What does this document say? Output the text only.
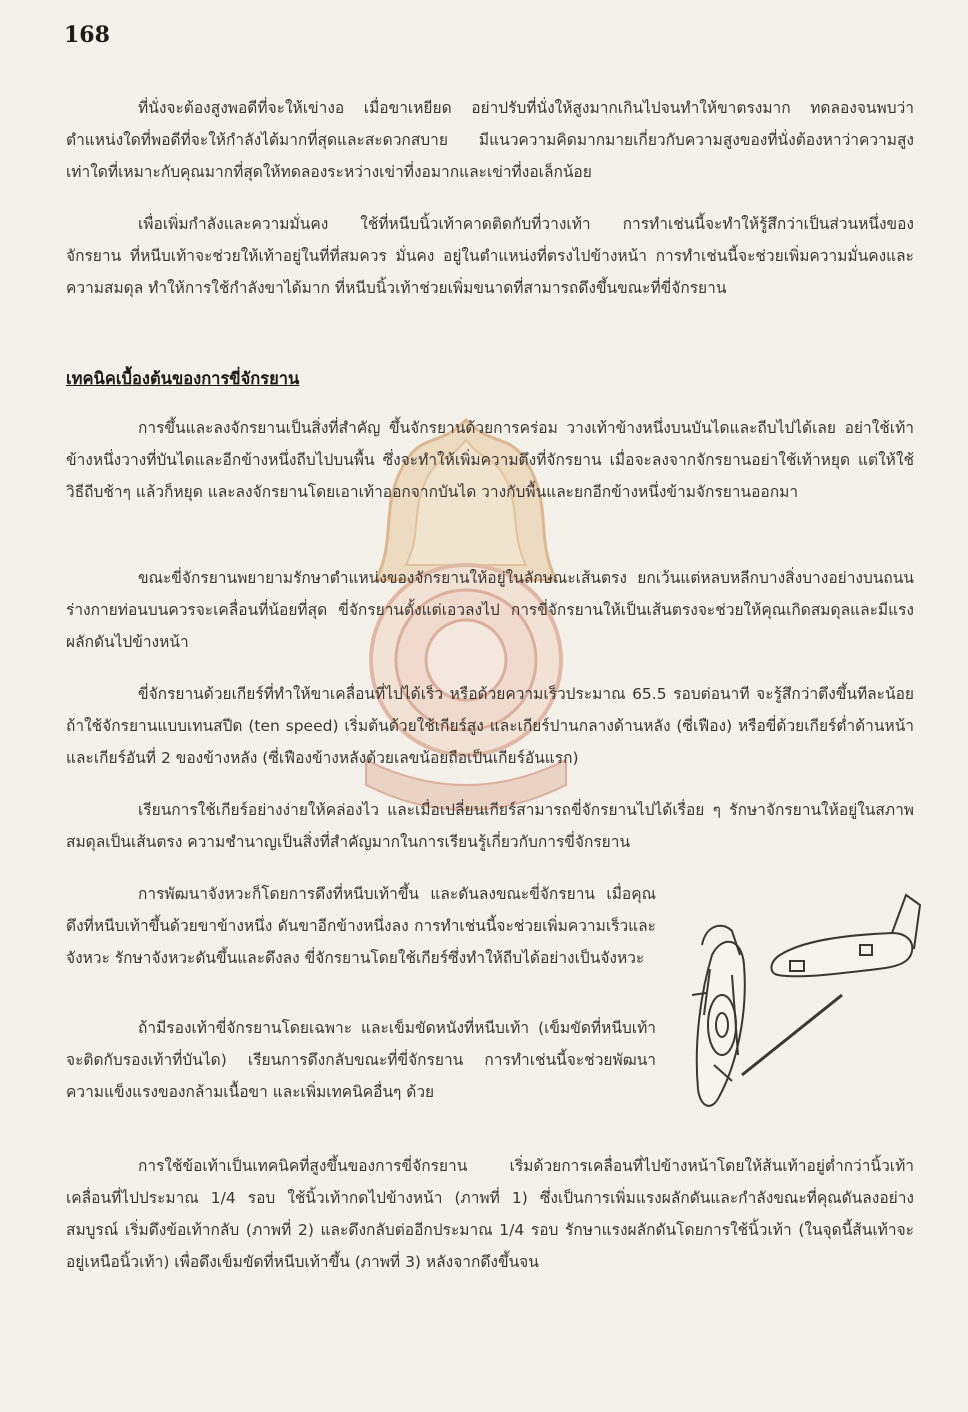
168

ที่นั่งจะต้องสูงพอดีที่จะให้เข่างอ เมื่อขาเหยียด อย่าปรับที่นั่งให้สูงมากเกินไปจนทำให้ขาตรงมาก ทดลองจนพบว่าตำแหน่งใดที่พอดีที่จะให้กำลังได้มากที่สุดและสะดวกสบาย มีแนวความคิดมากมายเกี่ยวกับความสูงของที่นั่งต้องหาว่าความสูงเท่าใดที่เหมาะกับคุณมากที่สุดให้ทดลองระหว่างเข่าที่งอมากและเข่าที่งอเล็กน้อย

เพื่อเพิ่มกำลังและความมั่นคง ใช้ที่หนีบนิ้วเท้าคาดติดกับที่วางเท้า การทำเช่นนี้จะทำให้รู้สึกว่าเป็นส่วนหนึ่งของจักรยาน ที่หนีบเท้าจะช่วยให้เท้าอยู่ในที่ที่สมควร มั่นคง อยู่ในตำแหน่งที่ตรงไปข้างหน้า การทำเช่นนี้จะช่วยเพิ่มความมั่นคงและความสมดุล ทำให้การใช้กำลังขาได้มาก ที่หนีบนิ้วเท้าช่วยเพิ่มขนาดที่สามารถดึงขึ้นขณะที่ขี่จักรยาน

เทคนิคเบื้องต้นของการขี่จักรยาน

การขึ้นและลงจักรยานเป็นสิ่งที่สำคัญ ขึ้นจักรยานด้วยการคร่อม วางเท้าข้างหนึ่งบนบันไดและถีบไปได้เลย อย่าใช้เท้าข้างหนึ่งวางที่บันไดและอีกข้างหนึ่งถีบไปบนพื้น ซึ่งจะทำให้เพิ่มความตึงที่จักรยาน เมื่อจะลงจากจักรยานอย่าใช้เท้าหยุด แต่ให้ใช้วิธีถีบช้าๆ แล้วก็หยุด และลงจักรยานโดยเอาเท้าออกจากบันได วางกับพื้นและยกอีกข้างหนึ่งข้ามจักรยานออกมา

ขณะขี่จักรยานพยายามรักษาตำแหน่งของจักรยานให้อยู่ในลักษณะเส้นตรง ยกเว้นแต่หลบหลีกบางสิ่งบางอย่างบนถนน ร่างกายท่อนบนควรจะเคลื่อนที่น้อยที่สุด ขี่จักรยานตั้งแต่เอวลงไป การขี่จักรยานให้เป็นเส้นตรงจะช่วยให้คุณเกิดสมดุลและมีแรงผลักดันไปข้างหน้า

ขี่จักรยานด้วยเกียร์ที่ทำให้ขาเคลื่อนที่ไปได้เร็ว หรือด้วยความเร็วประมาณ 65.5 รอบต่อนาที จะรู้สึกว่าตึงขึ้นทีละน้อย ถ้าใช้จักรยานแบบเทนสปีด (ten speed) เริ่มต้นด้วยใช้เกียร์สูง และเกียร์ปานกลางด้านหลัง (ซี่เฟือง) หรือขี่ด้วยเกียร์ต่ำด้านหน้า และเกียร์อันที่ 2 ของข้างหลัง (ซี่เฟืองข้างหลังด้วยเลขน้อยถือเป็นเกียร์อันแรก)

เรียนการใช้เกียร์อย่างง่ายให้คล่องไว และเมื่อเปลี่ยนเกียร์สามารถขี่จักรยานไปได้เรื่อย ๆ รักษาจักรยานให้อยู่ในสภาพสมดุลเป็นเส้นตรง ความชำนาญเป็นสิ่งที่สำคัญมากในการเรียนรู้เกี่ยวกับการขี่จักรยาน

การพัฒนาจังหวะก็โดยการดึงที่หนีบเท้าขึ้น และดันลงขณะขี่จักรยาน เมื่อคุณดึงที่หนีบเท้าขึ้นด้วยขาข้างหนึ่ง ดันขาอีกข้างหนึ่งลง การทำเช่นนี้จะช่วยเพิ่มความเร็วและจังหวะ รักษาจังหวะดันขึ้นและดึงลง ขี่จักรยานโดยใช้เกียร์ซึ่งทำให้ถีบได้อย่างเป็นจังหวะ

ถ้ามีรองเท้าขี่จักรยานโดยเฉพาะ และเข็มขัดหนังที่หนีบเท้า (เข็มขัดที่หนีบเท้าจะติดกับรองเท้าที่บันได) เรียนการดึงกลับขณะที่ขี่จักรยาน การทำเช่นนี้จะช่วยพัฒนาความแข็งแรงของกล้ามเนื้อขา และเพิ่มเทคนิคอื่นๆ ด้วย

การใช้ข้อเท้าเป็นเทคนิคที่สูงขึ้นของการขี่จักรยาน เริ่มด้วยการเคลื่อนที่ไปข้างหน้าโดยให้ส้นเท้าอยู่ต่ำกว่านิ้วเท้า เคลื่อนที่ไปประมาณ 1/4 รอบ ใช้นิ้วเท้ากดไปข้างหน้า (ภาพที่ 1) ซึ่งเป็นการเพิ่มแรงผลักดันและกำลังขณะที่คุณดันลงอย่างสมบูรณ์ เริ่มดึงข้อเท้ากลับ (ภาพที่ 2) และดึงกลับต่ออีกประมาณ 1/4 รอบ รักษาแรงผลักดันโดยการใช้นิ้วเท้า (ในจุดนี้ส้นเท้าจะอยู่เหนือนิ้วเท้า) เพื่อดึงเข็มขัดที่หนีบเท้าขึ้น (ภาพที่ 3) หลังจากดึงขึ้นจน
